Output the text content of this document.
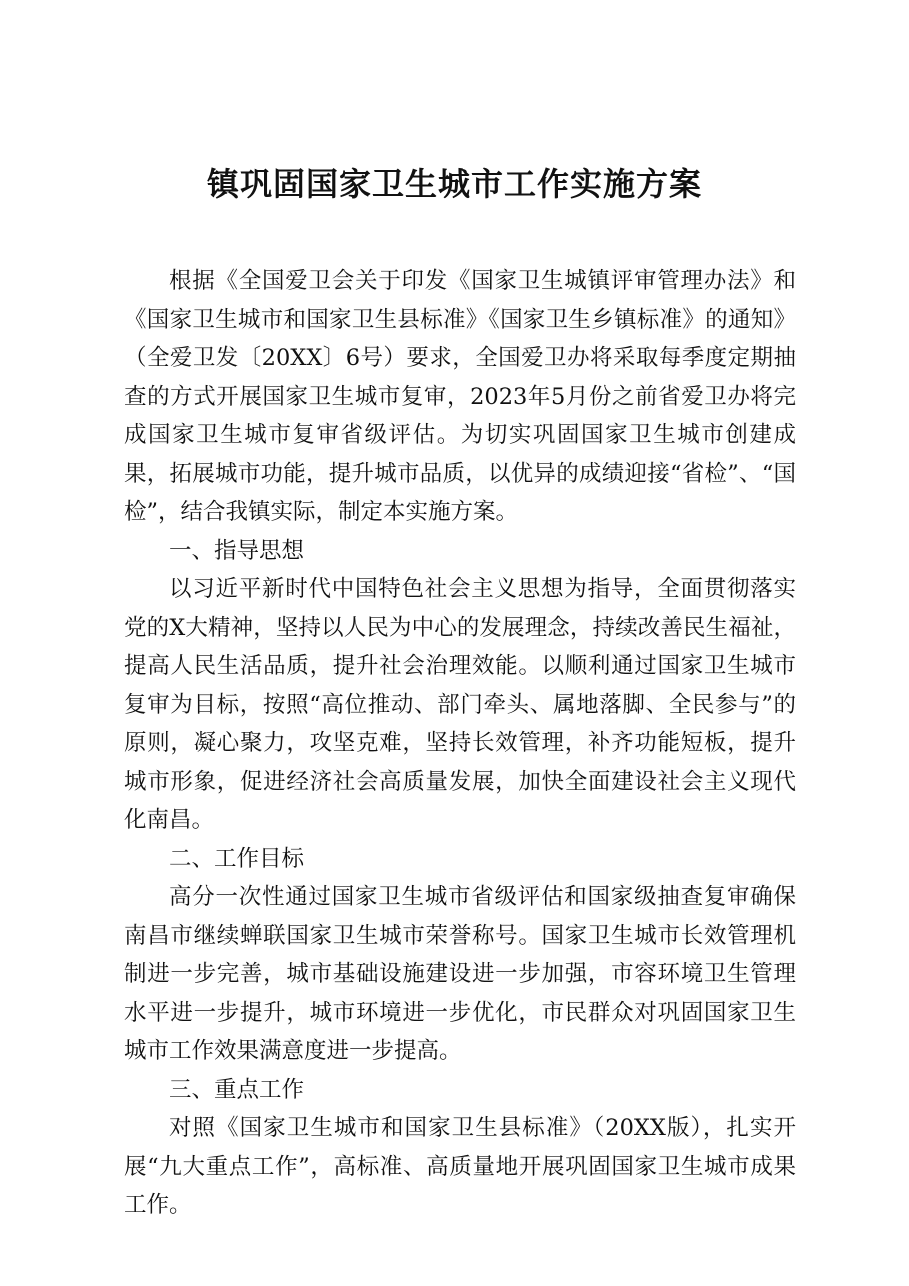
镇巩固国家卫生城市工作实施方案

根据《全国爱卫会关于印发《国家卫生城镇评审管理办法》和《国家卫生城市和国家卫生县标准》《国家卫生乡镇标准》的通知》（全爱卫发〔20XX〕6号）要求，全国爱卫办将采取每季度定期抽查的方式开展国家卫生城市复审，2023年5月份之前省爱卫办将完成国家卫生城市复审省级评估。为切实巩固国家卫生城市创建成果，拓展城市功能，提升城市品质，以优异的成绩迎接“省检”、“国检”，结合我镇实际，制定本实施方案。

一、指导思想

以习近平新时代中国特色社会主义思想为指导，全面贯彻落实党的X大精神，坚持以人民为中心的发展理念，持续改善民生福祉，提高人民生活品质，提升社会治理效能。以顺利通过国家卫生城市复审为目标，按照“高位推动、部门牵头、属地落脚、全民参与”的原则，凝心聚力，攻坚克难，坚持长效管理，补齐功能短板，提升城市形象，促进经济社会高质量发展，加快全面建设社会主义现代化南昌。

二、工作目标

高分一次性通过国家卫生城市省级评估和国家级抽查复审确保南昌市继续蝉联国家卫生城市荣誉称号。国家卫生城市长效管理机制进一步完善，城市基础设施建设进一步加强，市容环境卫生管理水平进一步提升，城市环境进一步优化，市民群众对巩固国家卫生城市工作效果满意度进一步提高。

三、重点工作

对照《国家卫生城市和国家卫生县标准》（20XX版），扎实开展“九大重点工作”，高标准、高质量地开展巩固国家卫生城市成果工作。
